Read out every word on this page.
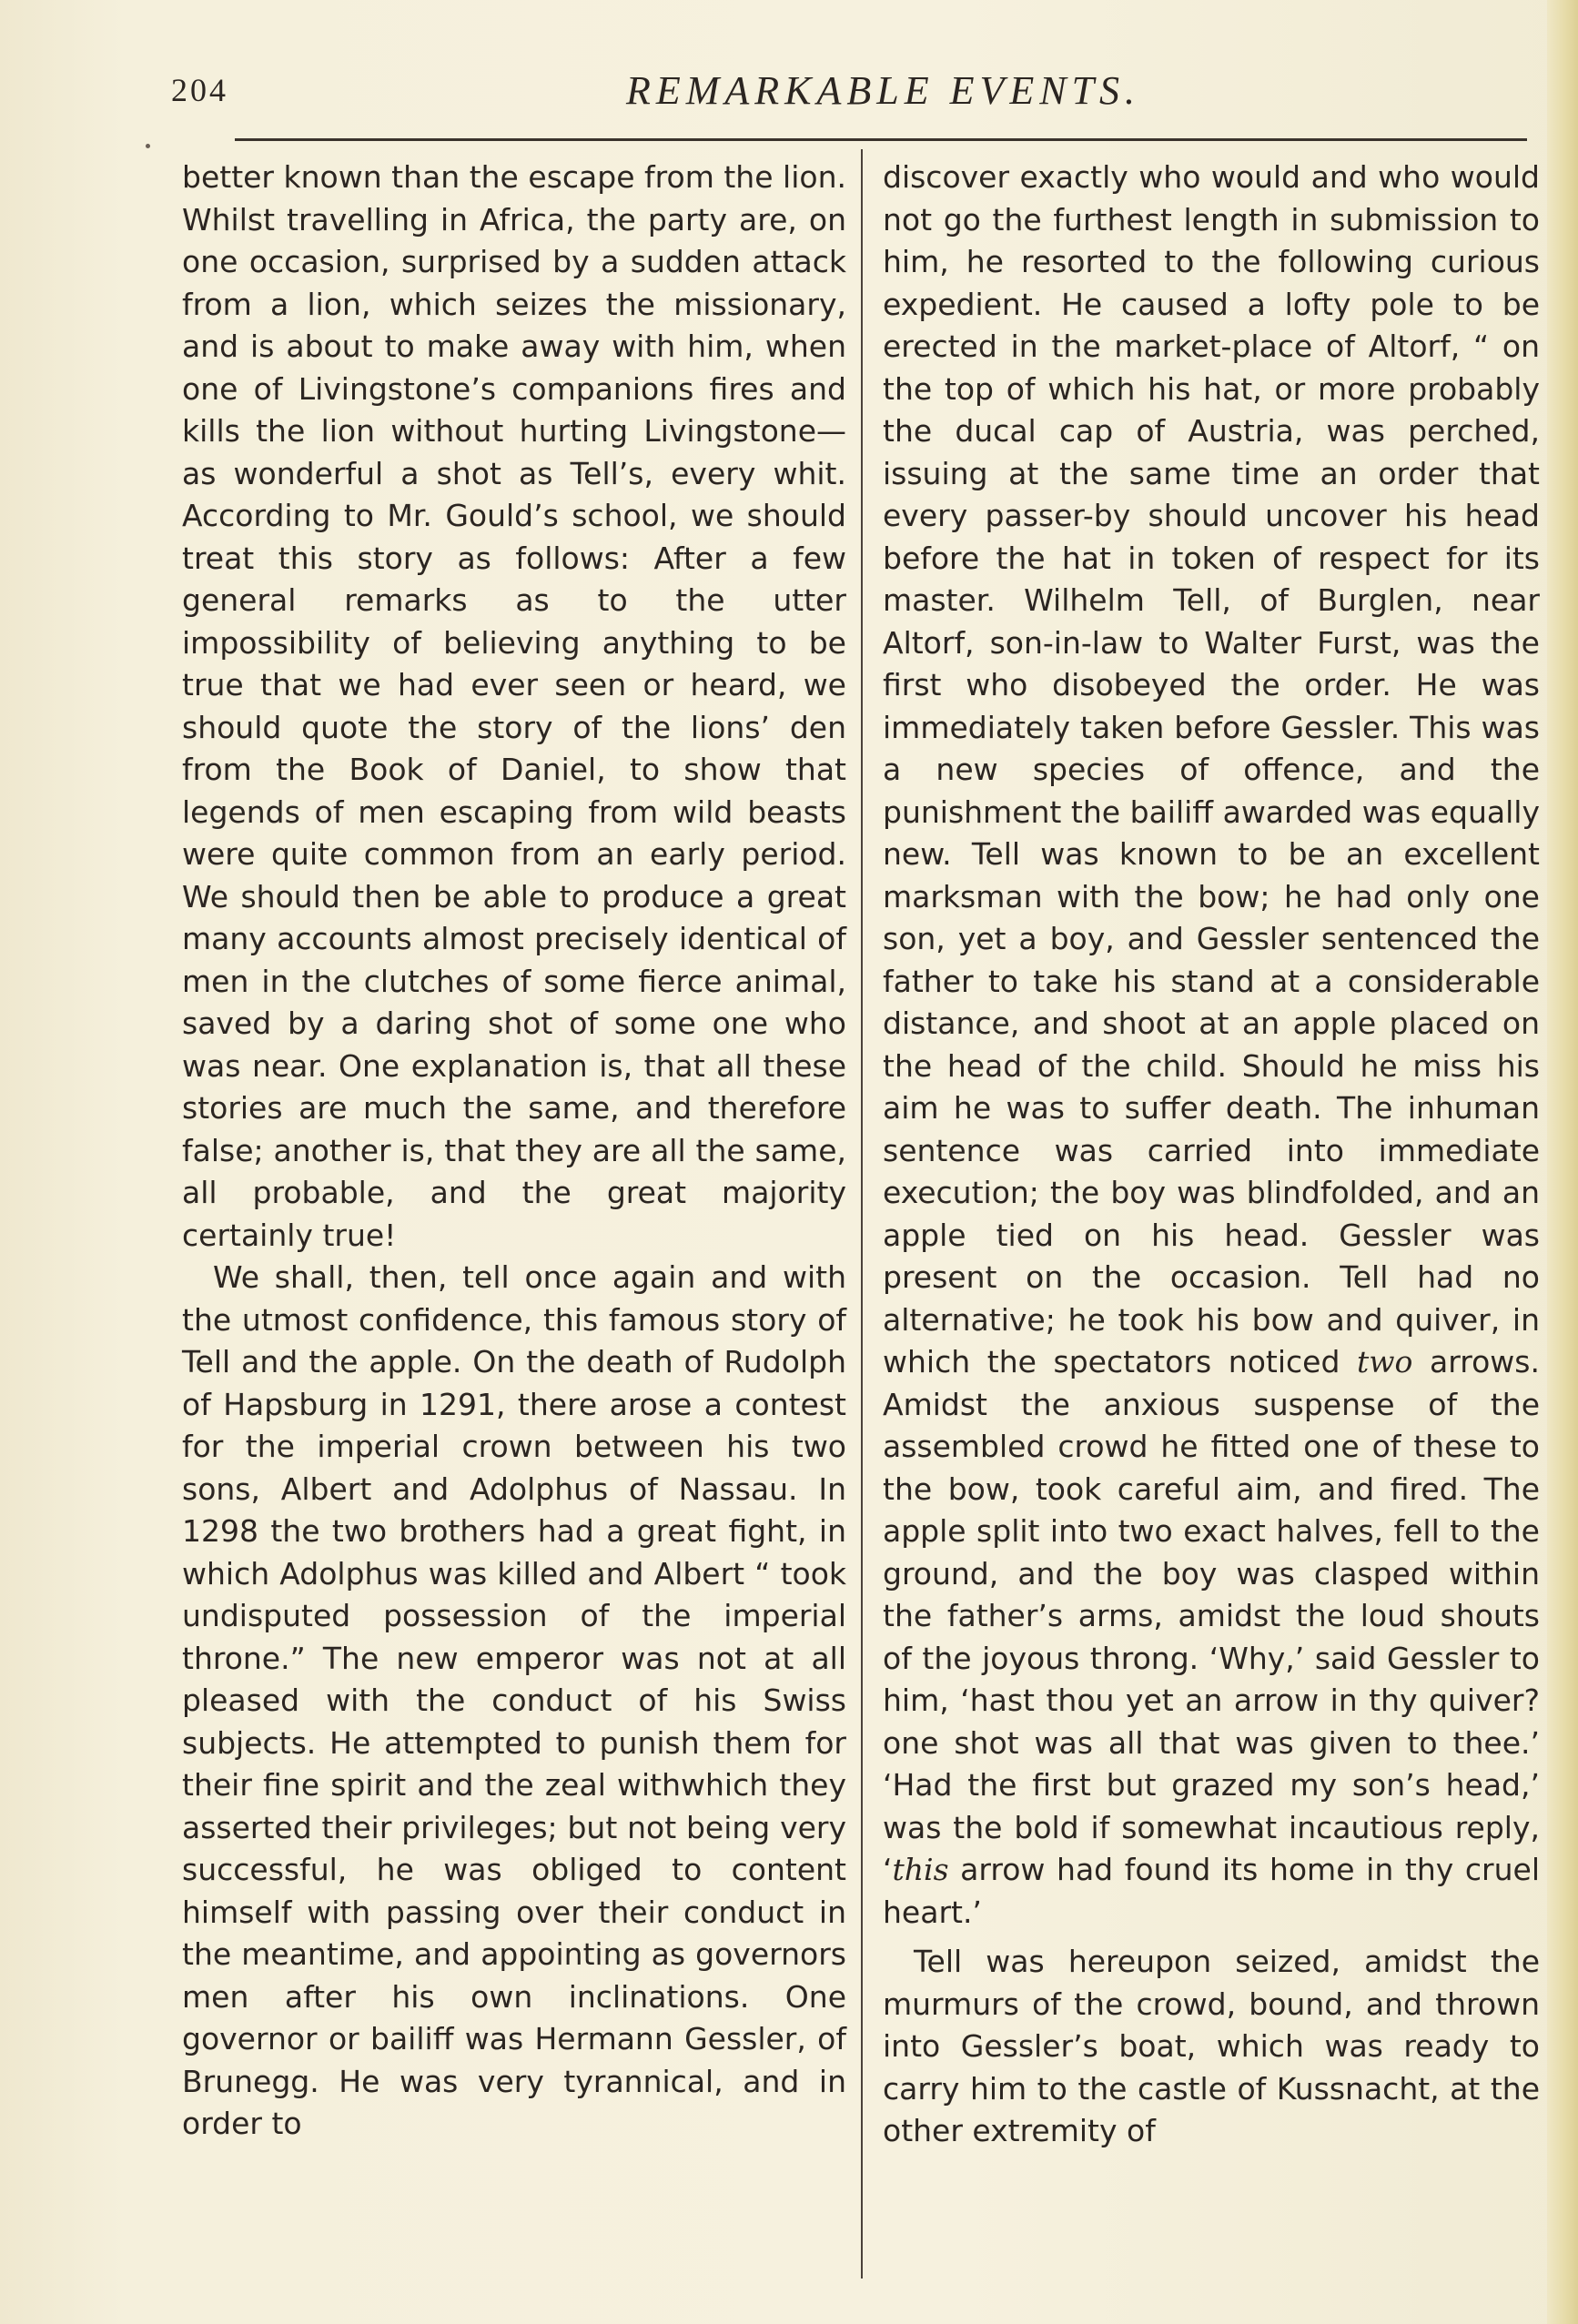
204	REMARKABLE EVENTS.

better known than the escape from the lion. Whilst travelling in Africa, the party are, on one occasion, surprised by a sudden attack from a lion, which seizes the missionary, and is about to make away with him, when one of Livingstone’s companions fires and kills the lion without hurting Livingstone—as wonderful a shot as Tell’s, every whit. According to Mr. Gould’s school, we should treat this story as follows: After a few general remarks as to the utter impossibility of believing anything to be true that we had ever seen or heard, we should quote the story of the lions’ den from the Book of Daniel, to show that legends of men escaping from wild beasts were quite common from an early period. We should then be able to produce a great many accounts almost precisely identical of men in the clutches of some fierce animal, saved by a daring shot of some one who was near. One explanation is, that all these stories are much the same, and therefore false; another is, that they are all the same, all probable, and the great majority certainly true!

We shall, then, tell once again and with the utmost confidence, this famous story of Tell and the apple. On the death of Rudolph of Hapsburg in 1291, there arose a contest for the imperial crown between his two sons, Albert and Adolphus of Nassau. In 1298 the two brothers had a great fight, in which Adolphus was killed and Albert “ took undisputed possession of the imperial throne.” The new emperor was not at all pleased with the conduct of his Swiss subjects. He attempted to punish them for their fine spirit and the zeal withwhich they asserted their privileges; but not being very successful, he was obliged to content himself with passing over their conduct in the meantime, and appointing as governors men after his own inclinations. One governor or bailiff was Hermann Gessler, of Brunegg. He was very tyrannical, and in order to

discover exactly who would and who would not go the furthest length in submission to him, he resorted to the following curious expedient. He caused a lofty pole to be erected in the market-place of Altorf, “ on the top of which his hat, or more probably the ducal cap of Austria, was perched, issuing at the same time an order that every passer-by should uncover his head before the hat in token of respect for its master. Wilhelm Tell, of Burglen, near Altorf, son-in-law to Walter Furst, was the first who disobeyed the order. He was immediately taken before Gessler. This was a new species of offence, and the punishment the bailiff awarded was equally new. Tell was known to be an excellent marksman with the bow; he had only one son, yet a boy, and Gessler sentenced the father to take his stand at a considerable distance, and shoot at an apple placed on the head of the child. Should he miss his aim he was to suffer death. The inhuman sentence was carried into immediate execution; the boy was blindfolded, and an apple tied on his head. Gessler was present on the occasion. Tell had no alternative; he took his bow and quiver, in which the spectators noticed two arrows. Amidst the anxious suspense of the assembled crowd he fitted one of these to the bow, took careful aim, and fired. The apple split into two exact halves, fell to the ground, and the boy was clasped within the father’s arms, amidst the loud shouts of the joyous throng. ‘Why,’ said Gessler to him, ‘hast thou yet an arrow in thy quiver? one shot was all that was given to thee.’ ‘Had the first but grazed my son’s head,’ was the bold if somewhat incautious reply, ‘this arrow had found its home in thy cruel heart.’

Tell was hereupon seized, amidst the murmurs of the crowd, bound, and thrown into Gessler’s boat, which was ready to carry him to the castle of Kussnacht, at the other extremity of
